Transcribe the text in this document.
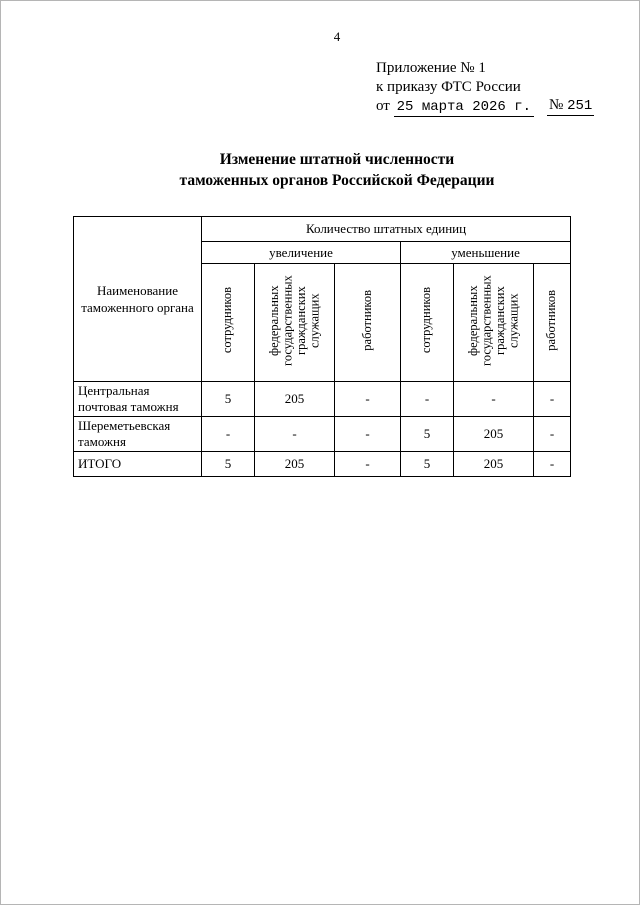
4
Приложение № 1
к приказу ФТС России
от 25 марта 2026 г.	№ 251
Изменение штатной численности
таможенных органов Российской Федерации
Наименование таможенного органа	Количество штатных единиц					
	увеличение			уменьшение		
	сотрудников	федеральных государственных гражданских служащих	работников	сотрудников	федеральных государственных гражданских служащих	работников
Центральная почтовая таможня	5	205	-	-	-	-
Шереметьевская таможня	-	-	-	5	205	-
ИТОГО	5	205	-	5	205	-
